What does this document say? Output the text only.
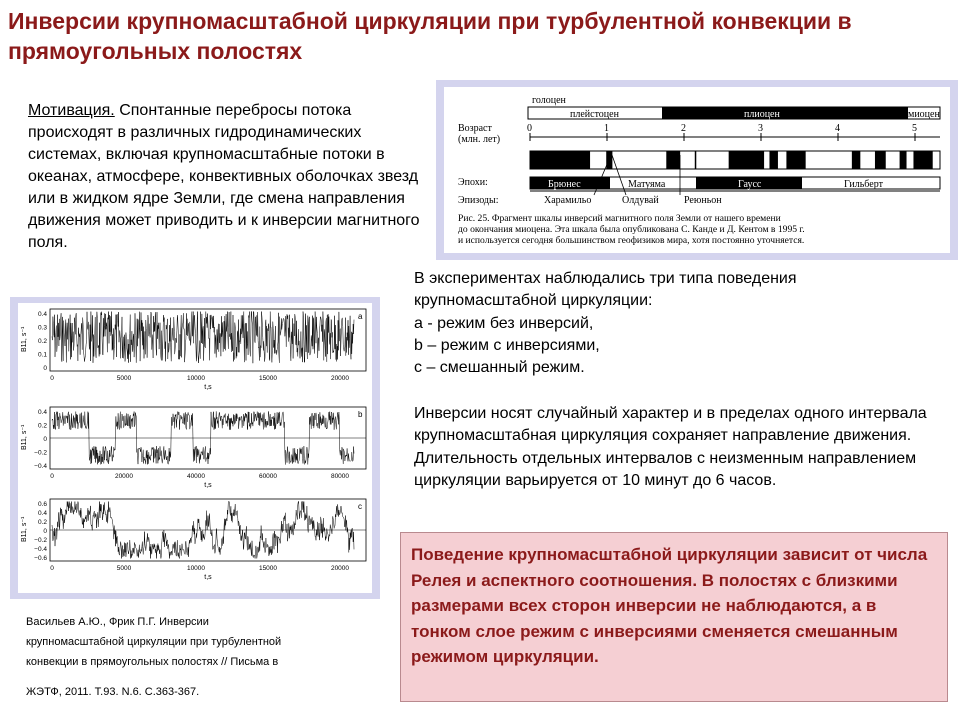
Инверсии крупномасштабной циркуляции при турбулентной конвекции в прямоугольных полостях
Мотивация. Спонтанные перебросы потока происходят в различных гидродинамических системах, включая крупномасштабные потоки в океанах, атмосфере, конвективных оболочках звезд или в жидком ядре Земли, где смена направления движения может приводить и к инверсии магнитного поля.
голоцен
плейстоцен	плиоцен	миоцен
Возраст
(млн. лет)
0	1	2	3	4	5
Эпохи:	Брюнес	Матуяма	Гаусс	Гильберт
Эпизоды:	Харамильо	Олдувай	Реюньон
Рис. 25. Фрагмент шкалы инверсий магнитного поля Земли от нашего времени
до окончания миоцена. Эта шкала была опубликована С. Канде и Д. Кентом в 1995 г.
и используется сегодня большинством геофизиков мира, хотя постоянно уточняется.
В экспериментах наблюдались три типа поведения
крупномасштабной циркуляции:
a - режим без инверсий,
b – режим с инверсиями,
c – смешанный режим.
Инверсии носят случайный характер и в пределах одного интервала крупномасштабная циркуляция сохраняет направление движения. Длительность отдельных интервалов с неизменным направлением циркуляции варьируется от 10 минут до 6 часов.
0.4
0.3
0.2
0.1
0
0	5000	10000	15000	20000
t,s
B11, s⁻¹
a
0.4
0.2
0
−0.2
−0.4
0	20000	40000	60000	80000
t,s
B11, s⁻¹
b
0.6
0.4
0.2
0
−0.2
−0.4
−0.6
0	5000	10000	15000	20000
t,s
B11, s⁻¹
c
Васильев А.Ю., Фрик П.Г. Инверсии
крупномасштабной циркуляции при турбулентной
конвекции в прямоугольных полостях // Письма в
ЖЭТФ, 2011. Т.93. N.6. С.363-367.
Поведение крупномасштабной циркуляции зависит от числа Релея и аспектного соотношения. В полостях с близкими размерами всех сторон инверсии не наблюдаются, а в тонком слое режим с инверсиями сменяется смешанным режимом циркуляции.
